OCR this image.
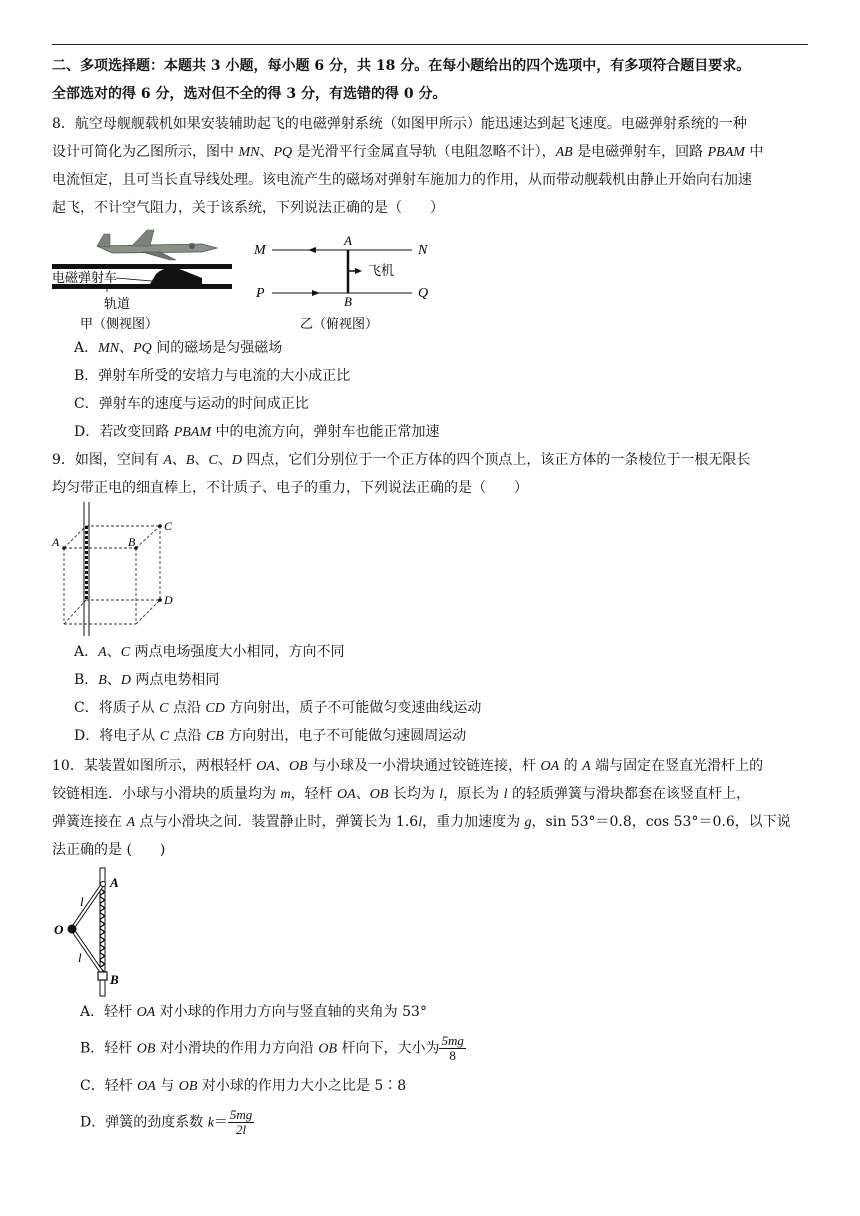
二、多项选择题：本题共 3 小题，每小题 6 分，共 18 分。在每小题给出的四个选项中，有多项符合题目要求。
全部选对的得 6 分，选对但不全的得 3 分，有选错的得 0 分。
8．航空母舰舰载机如果安装辅助起飞的电磁弹射系统（如图甲所示）能迅速达到起飞速度。电磁弹射系统的一种
设计可简化为乙图所示，图中 MN、PQ 是光滑平行金属直导轨（电阻忽略不计），AB 是电磁弹射车，回路 PBAM 中
电流恒定，且可当长直导线处理。该电流产生的磁场对弹射车施加力的作用，从而带动舰载机由静止开始向右加速
起飞，不计空气阻力，关于该系统，下列说法正确的是（　　）
电磁弹射车
轨道
甲（侧视图）
M	N
P	Q
A
B
飞机
乙（俯视图）
A．MN、PQ 间的磁场是匀强磁场
B．弹射车所受的安培力与电流的大小成正比
C．弹射车的速度与运动的时间成正比
D．若改变回路 PBAM 中的电流方向，弹射车也能正常加速
9．如图，空间有 A、B、C、D 四点，它们分别位于一个正方体的四个顶点上，该正方体的一条棱位于一根无限长
均匀带正电的细直棒上，不计质子、电子的重力，下列说法正确的是（　　）
A	B
C
D
A．A、C 两点电场强度大小相同，方向不同
B．B、D 两点电势相同
C．将质子从 C 点沿 CD 方向射出，质子不可能做匀变速曲线运动
D．将电子从 C 点沿 CB 方向射出，电子不可能做匀速圆周运动
10．某装置如图所示，两根轻杆 OA、OB 与小球及一小滑块通过铰链连接，杆 OA 的 A 端与固定在竖直光滑杆上的
铰链相连．小球与小滑块的质量均为 m，轻杆 OA、OB 长均为 l，原长为 l 的轻质弹簧与滑块都套在该竖直杆上，
弹簧连接在 A 点与小滑块之间．装置静止时，弹簧长为 1.6l，重力加速度为 g，sin 53°＝0.8，cos 53°＝0.6，以下说
法正确的是 (　　)
A
B
O
l
l
A．轻杆 OA 对小球的作用力方向与竖直轴的夹角为 53°
B．轻杆 OB 对小滑块的作用力方向沿 OB 杆向下，大小为 $\frac{5mg}{8}$
C．轻杆 OA 与 OB 对小球的作用力大小之比是 5∶8
D．弹簧的劲度系数 $k= \frac{5mg}{2l}$
